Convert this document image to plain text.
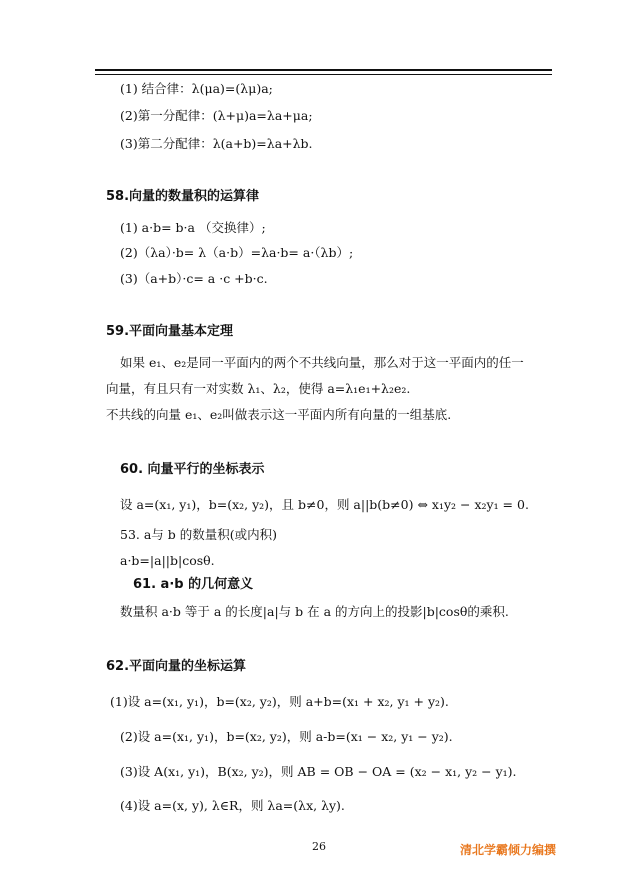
(1) 结合律：λ(μa)=(λμ)a;
(2)第一分配律：(λ+μ)a=λa+μa;
(3)第二分配律：λ(a+b)=λa+λb.
58.向量的数量积的运算律
(1) a·b= b·a （交换律）;
(2)（λa）·b= λ（a·b）=λa·b= a·（λb）;
(3)（a+b）·c= a ·c +b·c.
59.平面向量基本定理
如果 e₁、e₂是同一平面内的两个不共线向量，那么对于这一平面内的任一
向量，有且只有一对实数 λ₁、λ₂，使得 a=λ₁e₁+λ₂e₂.
不共线的向量 e₁、e₂叫做表示这一平面内所有向量的一组基底.
60. 向量平行的坐标表示
设 a=(x₁, y₁)，b=(x₂, y₂)，且 b≠0，则 a||b(b≠0) ⇔ x₁y₂ − x₂y₁ = 0.
53. a与 b 的数量积(或内积)
a·b=|a||b|cosθ.
61. a·b 的几何意义
数量积 a·b 等于 a 的长度|a|与 b 在 a 的方向上的投影|b|cosθ的乘积.
62.平面向量的坐标运算
(1)设 a=(x₁, y₁)，b=(x₂, y₂)，则 a+b=(x₁ + x₂, y₁ + y₂).
(2)设 a=(x₁, y₁)，b=(x₂, y₂)，则 a-b=(x₁ − x₂, y₁ − y₂).
(3)设 A(x₁, y₁)，B(x₂, y₂)，则 AB = OB − OA = (x₂ − x₁, y₂ − y₁).
(4)设 a=(x, y), λ∈R，则 λa=(λx, λy).
26	清北学霸倾力编撰
